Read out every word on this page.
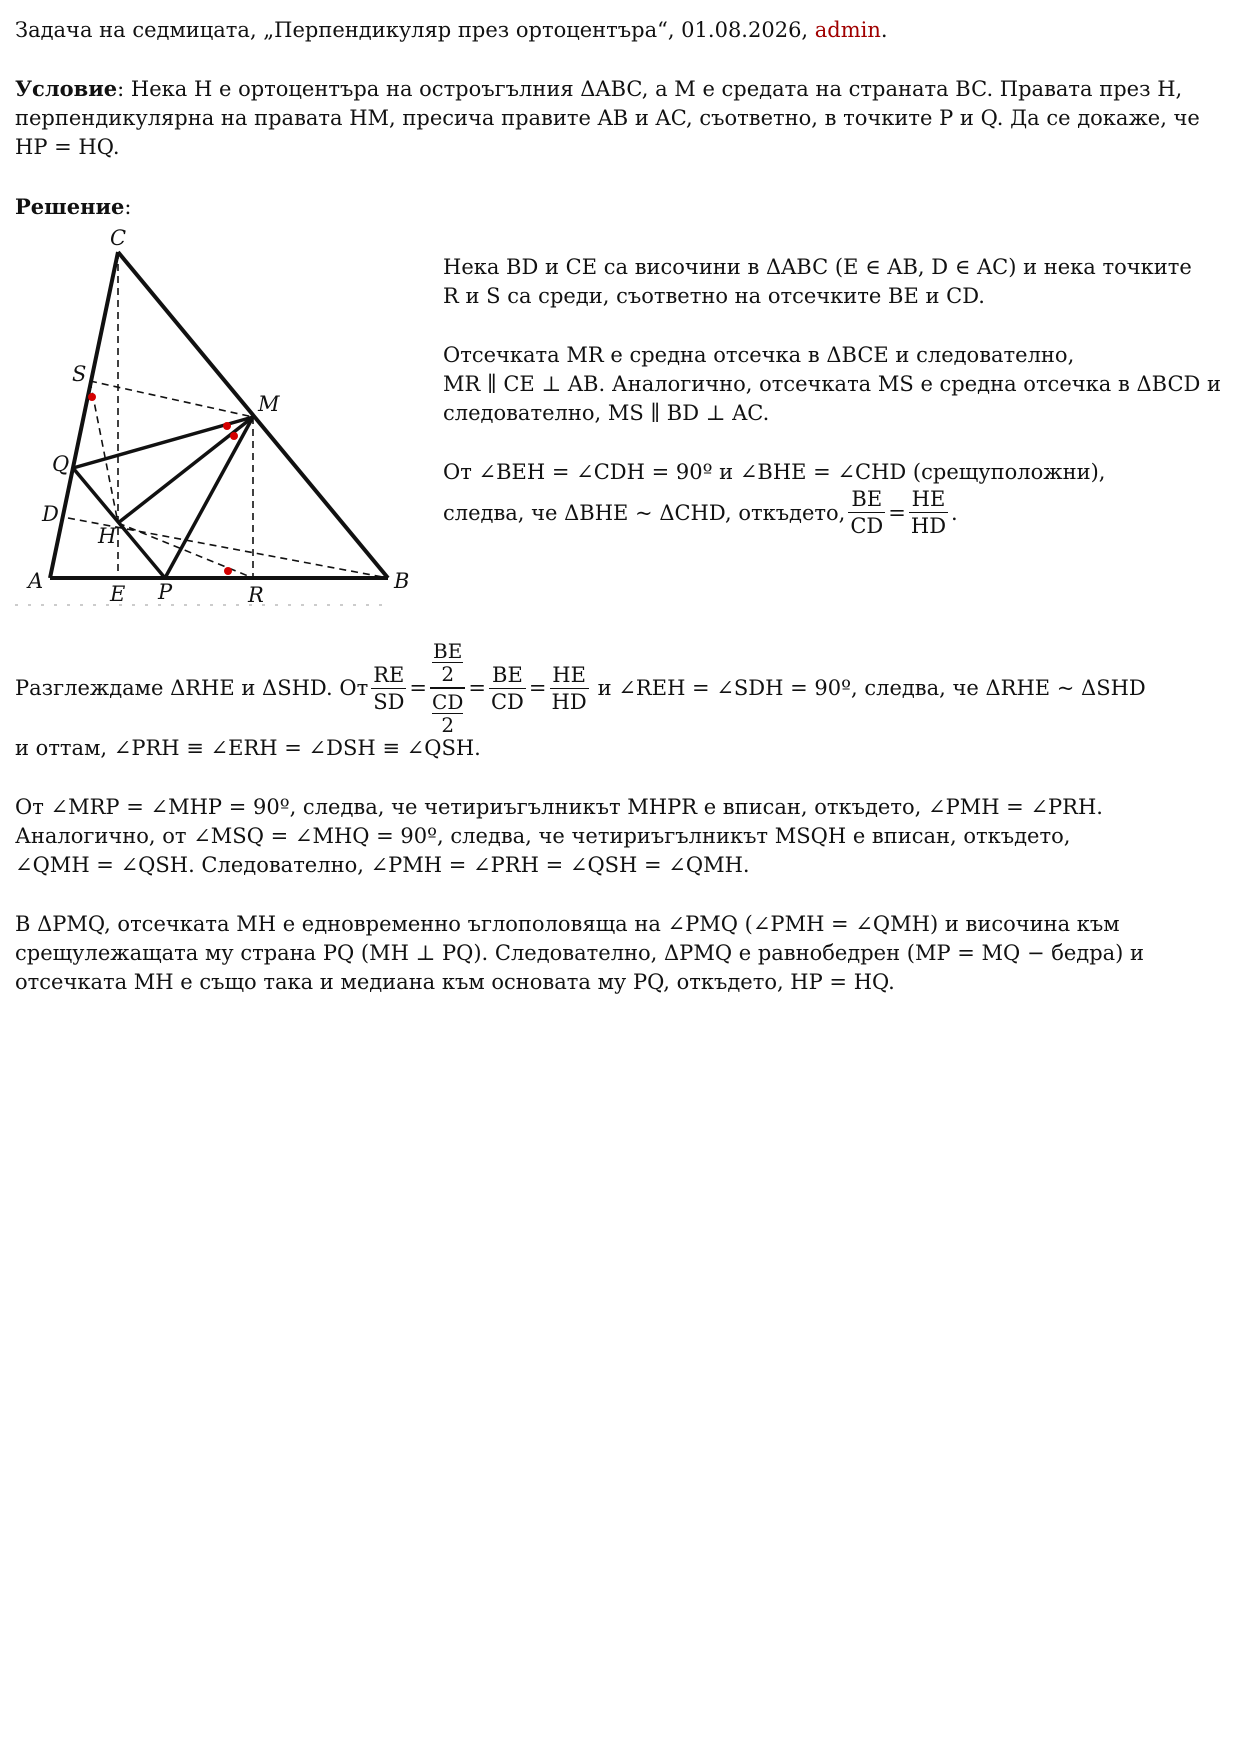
Задача на седмицата, „Перпендикуляр през ортоцентъра“, 01.08.2026, admin.
Условие: Нека H е ортоцентъра на остроъгълния ΔABC, а M е средата на страната BC. Правата през H,
перпендикулярна на правата HM, пресича правите AB и AC, съответно, в точките P и Q. Да се докаже, че
HP = HQ.
Решение:
C
S
M
Q
D
H
A
E P	R
B
Нека BD и CE са височини в ΔABC (E ∈ AB, D ∈ AC) и нека точките
R и S са среди, съответно на отсечките BE и CD.
Отсечката MR е средна отсечка в ΔBCE и следователно,
MR ∥ CE ⊥ AB. Аналогично, отсечката MS е средна отсечка в ΔBCD и
следователно, MS ∥ BD ⊥ AC.
От ∠BEH = ∠CDH = 90º и ∠BHE = ∠CHD (срещуположни),
следва, че ΔBHE ~ ΔCHD, откъдето, $\frac{BE}{CD} = \frac{HE}{HD}$ .
Разглеждаме ΔRHE и ΔSHD. От $\frac{RE}{SD}$ = BE
2
CD
$2 = \frac{BE}{CD} = \frac{HE}{HD}$ и ∠REH = ∠SDH = 90º, следва, че ΔRHE ~ ΔSHD
и оттам, ∠PRH ≡ ∠ERH = ∠DSH ≡ ∠QSH.
От ∠MRP = ∠MHP = 90º, следва, че четириъгълникът MHPR е вписан, откъдето, ∠PMH = ∠PRH.
Аналогично, от ∠MSQ = ∠MHQ = 90º, следва, че четириъгълникът MSQH е вписан, откъдето,
∠QMH = ∠QSH. Следователно, ∠PMH = ∠PRH = ∠QSH = ∠QMH.
В ΔPMQ, отсечката MH е едновременно ъглополовяща на ∠PMQ (∠PMH = ∠QMH) и височина към
срещулежащата му страна PQ (MH ⊥ PQ). Следователно, ΔPMQ е равнобедрен (MP = MQ − бедра) и
отсечката MH е също така и медиана към основата му PQ, откъдето, HP = HQ.
